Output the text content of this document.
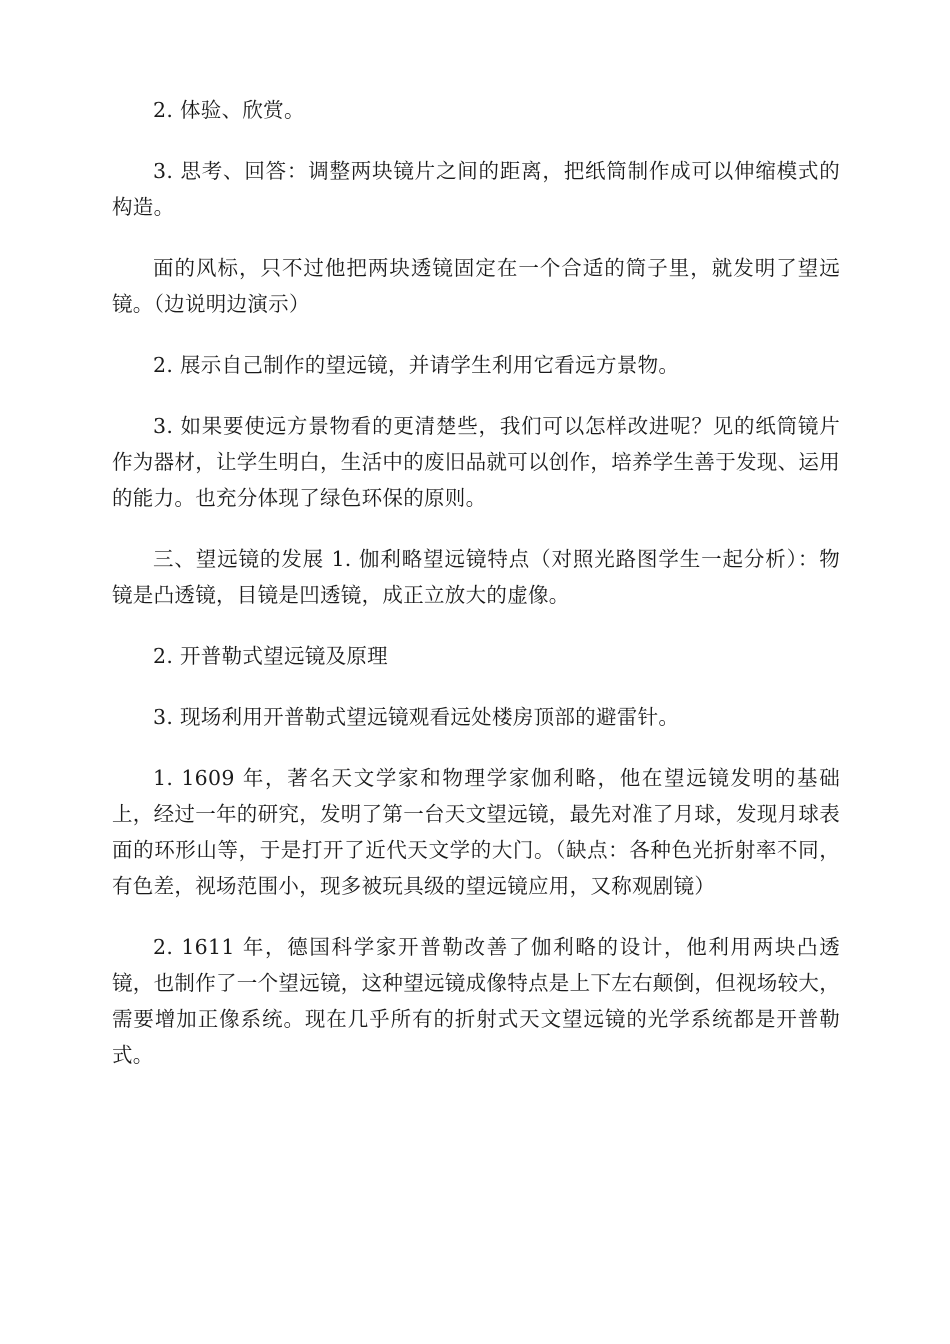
2. 体验、欣赏。

3. 思考、回答：调整两块镜片之间的距离，把纸筒制作成可以伸缩模式的构造。

面的风标，只不过他把两块透镜固定在一个合适的筒子里，就发明了望远镜。（边说明边演示）

2. 展示自己制作的望远镜，并请学生利用它看远方景物。

3. 如果要使远方景物看的更清楚些，我们可以怎样改进呢？见的纸筒镜片作为器材，让学生明白，生活中的废旧品就可以创作，培养学生善于发现、运用的能力。也充分体现了绿色环保的原则。

三、望远镜的发展 1. 伽利略望远镜特点（对照光路图学生一起分析）：物镜是凸透镜，目镜是凹透镜，成正立放大的虚像。

2. 开普勒式望远镜及原理

3. 现场利用开普勒式望远镜观看远处楼房顶部的避雷针。

1. 1609 年，著名天文学家和物理学家伽利略，他在望远镜发明的基础上，经过一年的研究，发明了第一台天文望远镜，最先对准了月球，发现月球表面的环形山等，于是打开了近代天文学的大门。（缺点：各种色光折射率不同，有色差，视场范围小，现多被玩具级的望远镜应用，又称观剧镜）

2. 1611 年，德国科学家开普勒改善了伽利略的设计，他利用两块凸透镜，也制作了一个望远镜，这种望远镜成像特点是上下左右颠倒，但视场较大，需要增加正像系统。现在几乎所有的折射式天文望远镜的光学系统都是开普勒式。
